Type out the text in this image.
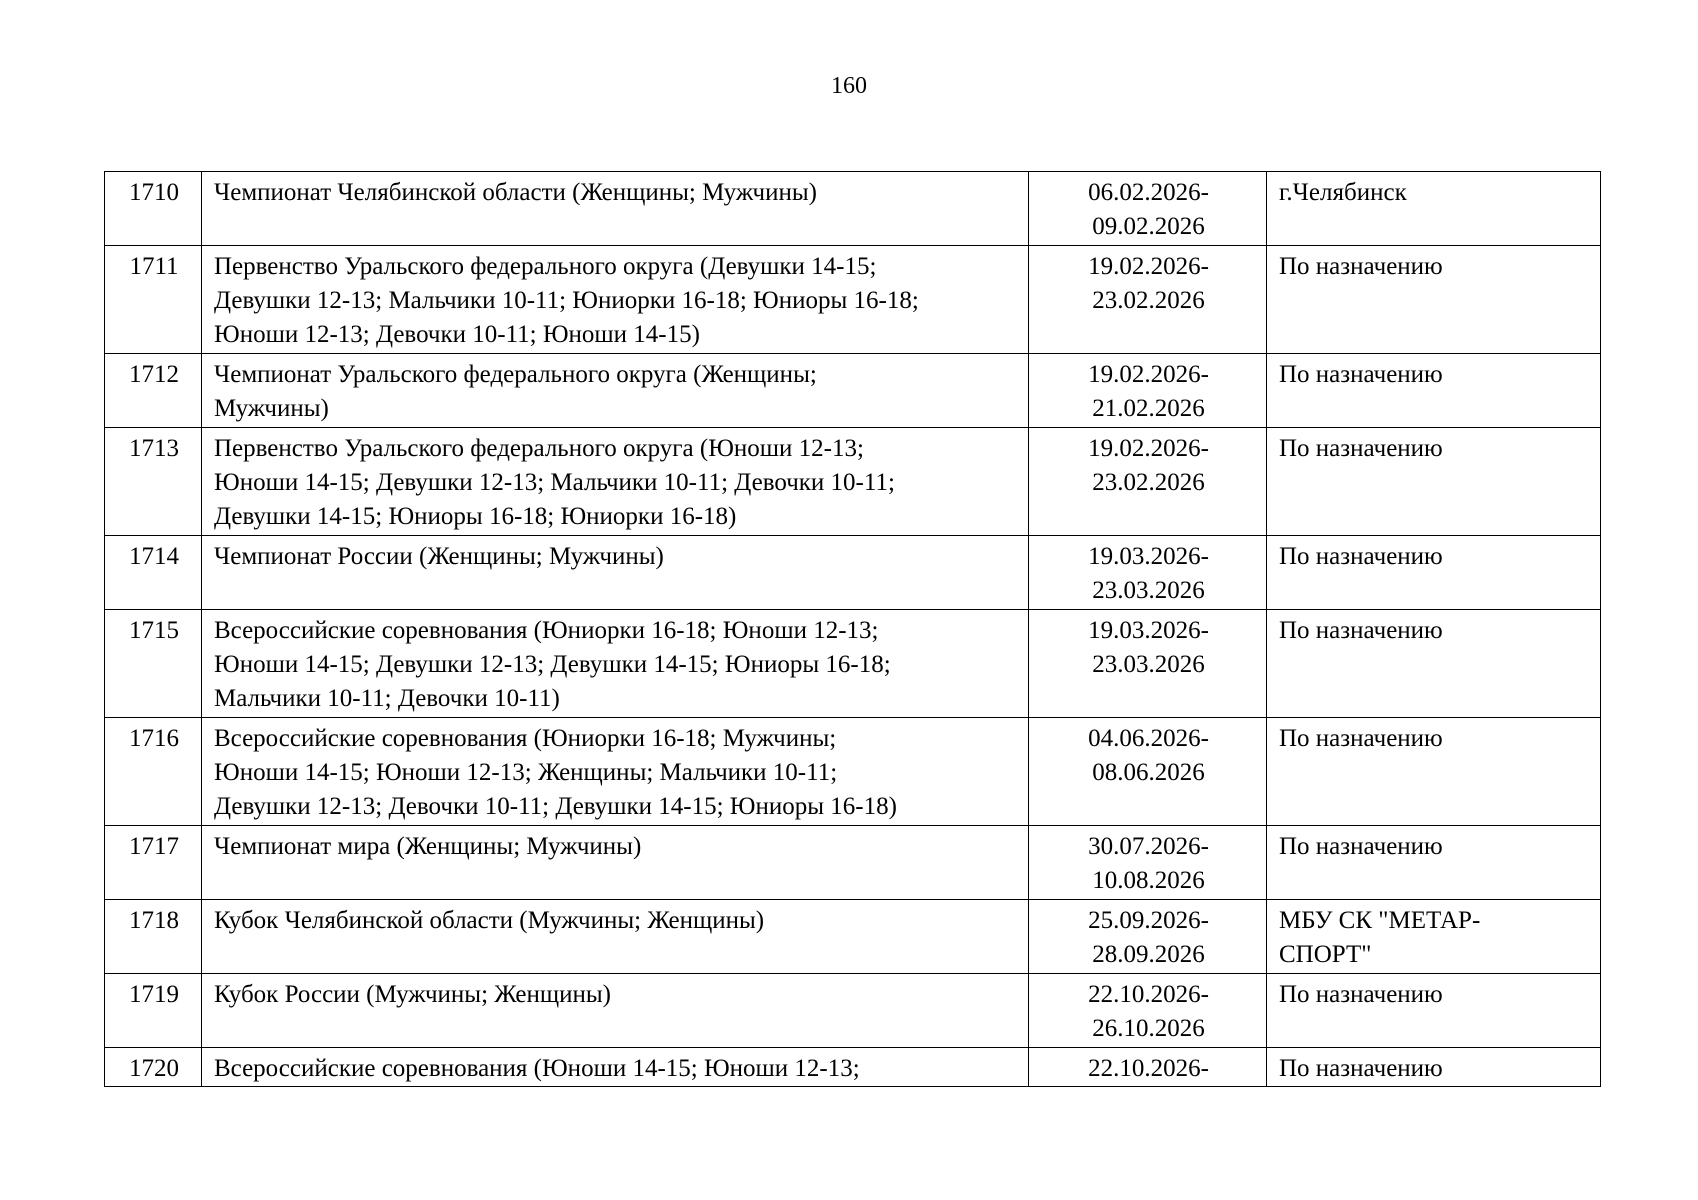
160
1710	Чемпионат Челябинской области (Женщины; Мужчины)	06.02.2026-
09.02.2026	г.Челябинск

1711	Первенство Уральского федерального округа (Девушки 14-15;
Девушки 12-13; Мальчики 10-11; Юниорки 16-18; Юниоры 16-18;
Юноши 12-13; Девочки 10-11; Юноши 14-15)	19.02.2026-
23.02.2026	По назначению

1712	Чемпионат Уральского федерального округа (Женщины;
Мужчины)	19.02.2026-
21.02.2026	По назначению

1713	Первенство Уральского федерального округа (Юноши 12-13;
Юноши 14-15; Девушки 12-13; Мальчики 10-11; Девочки 10-11;
Девушки 14-15; Юниоры 16-18; Юниорки 16-18)	19.02.2026-
23.02.2026	По назначению

1714	Чемпионат России (Женщины; Мужчины)	19.03.2026-
23.03.2026	По назначению

1715	Всероссийские соревнования (Юниорки 16-18; Юноши 12-13;
Юноши 14-15; Девушки 12-13; Девушки 14-15; Юниоры 16-18;
Мальчики 10-11; Девочки 10-11)	19.03.2026-
23.03.2026	По назначению

1716	Всероссийские соревнования (Юниорки 16-18; Мужчины;
Юноши 14-15; Юноши 12-13; Женщины; Мальчики 10-11;
Девушки 12-13; Девочки 10-11; Девушки 14-15; Юниоры 16-18)	04.06.2026-
08.06.2026	По назначению

1717	Чемпионат мира (Женщины; Мужчины)	30.07.2026-
10.08.2026	По назначению

1718	Кубок Челябинской области (Мужчины; Женщины)	25.09.2026-
28.09.2026	МБУ СК "МЕТАР-
СПОРТ"

1719	Кубок России (Мужчины; Женщины)	22.10.2026-
26.10.2026	По назначению

1720	Всероссийские соревнования (Юноши 14-15; Юноши 12-13;	22.10.2026-	По назначению
